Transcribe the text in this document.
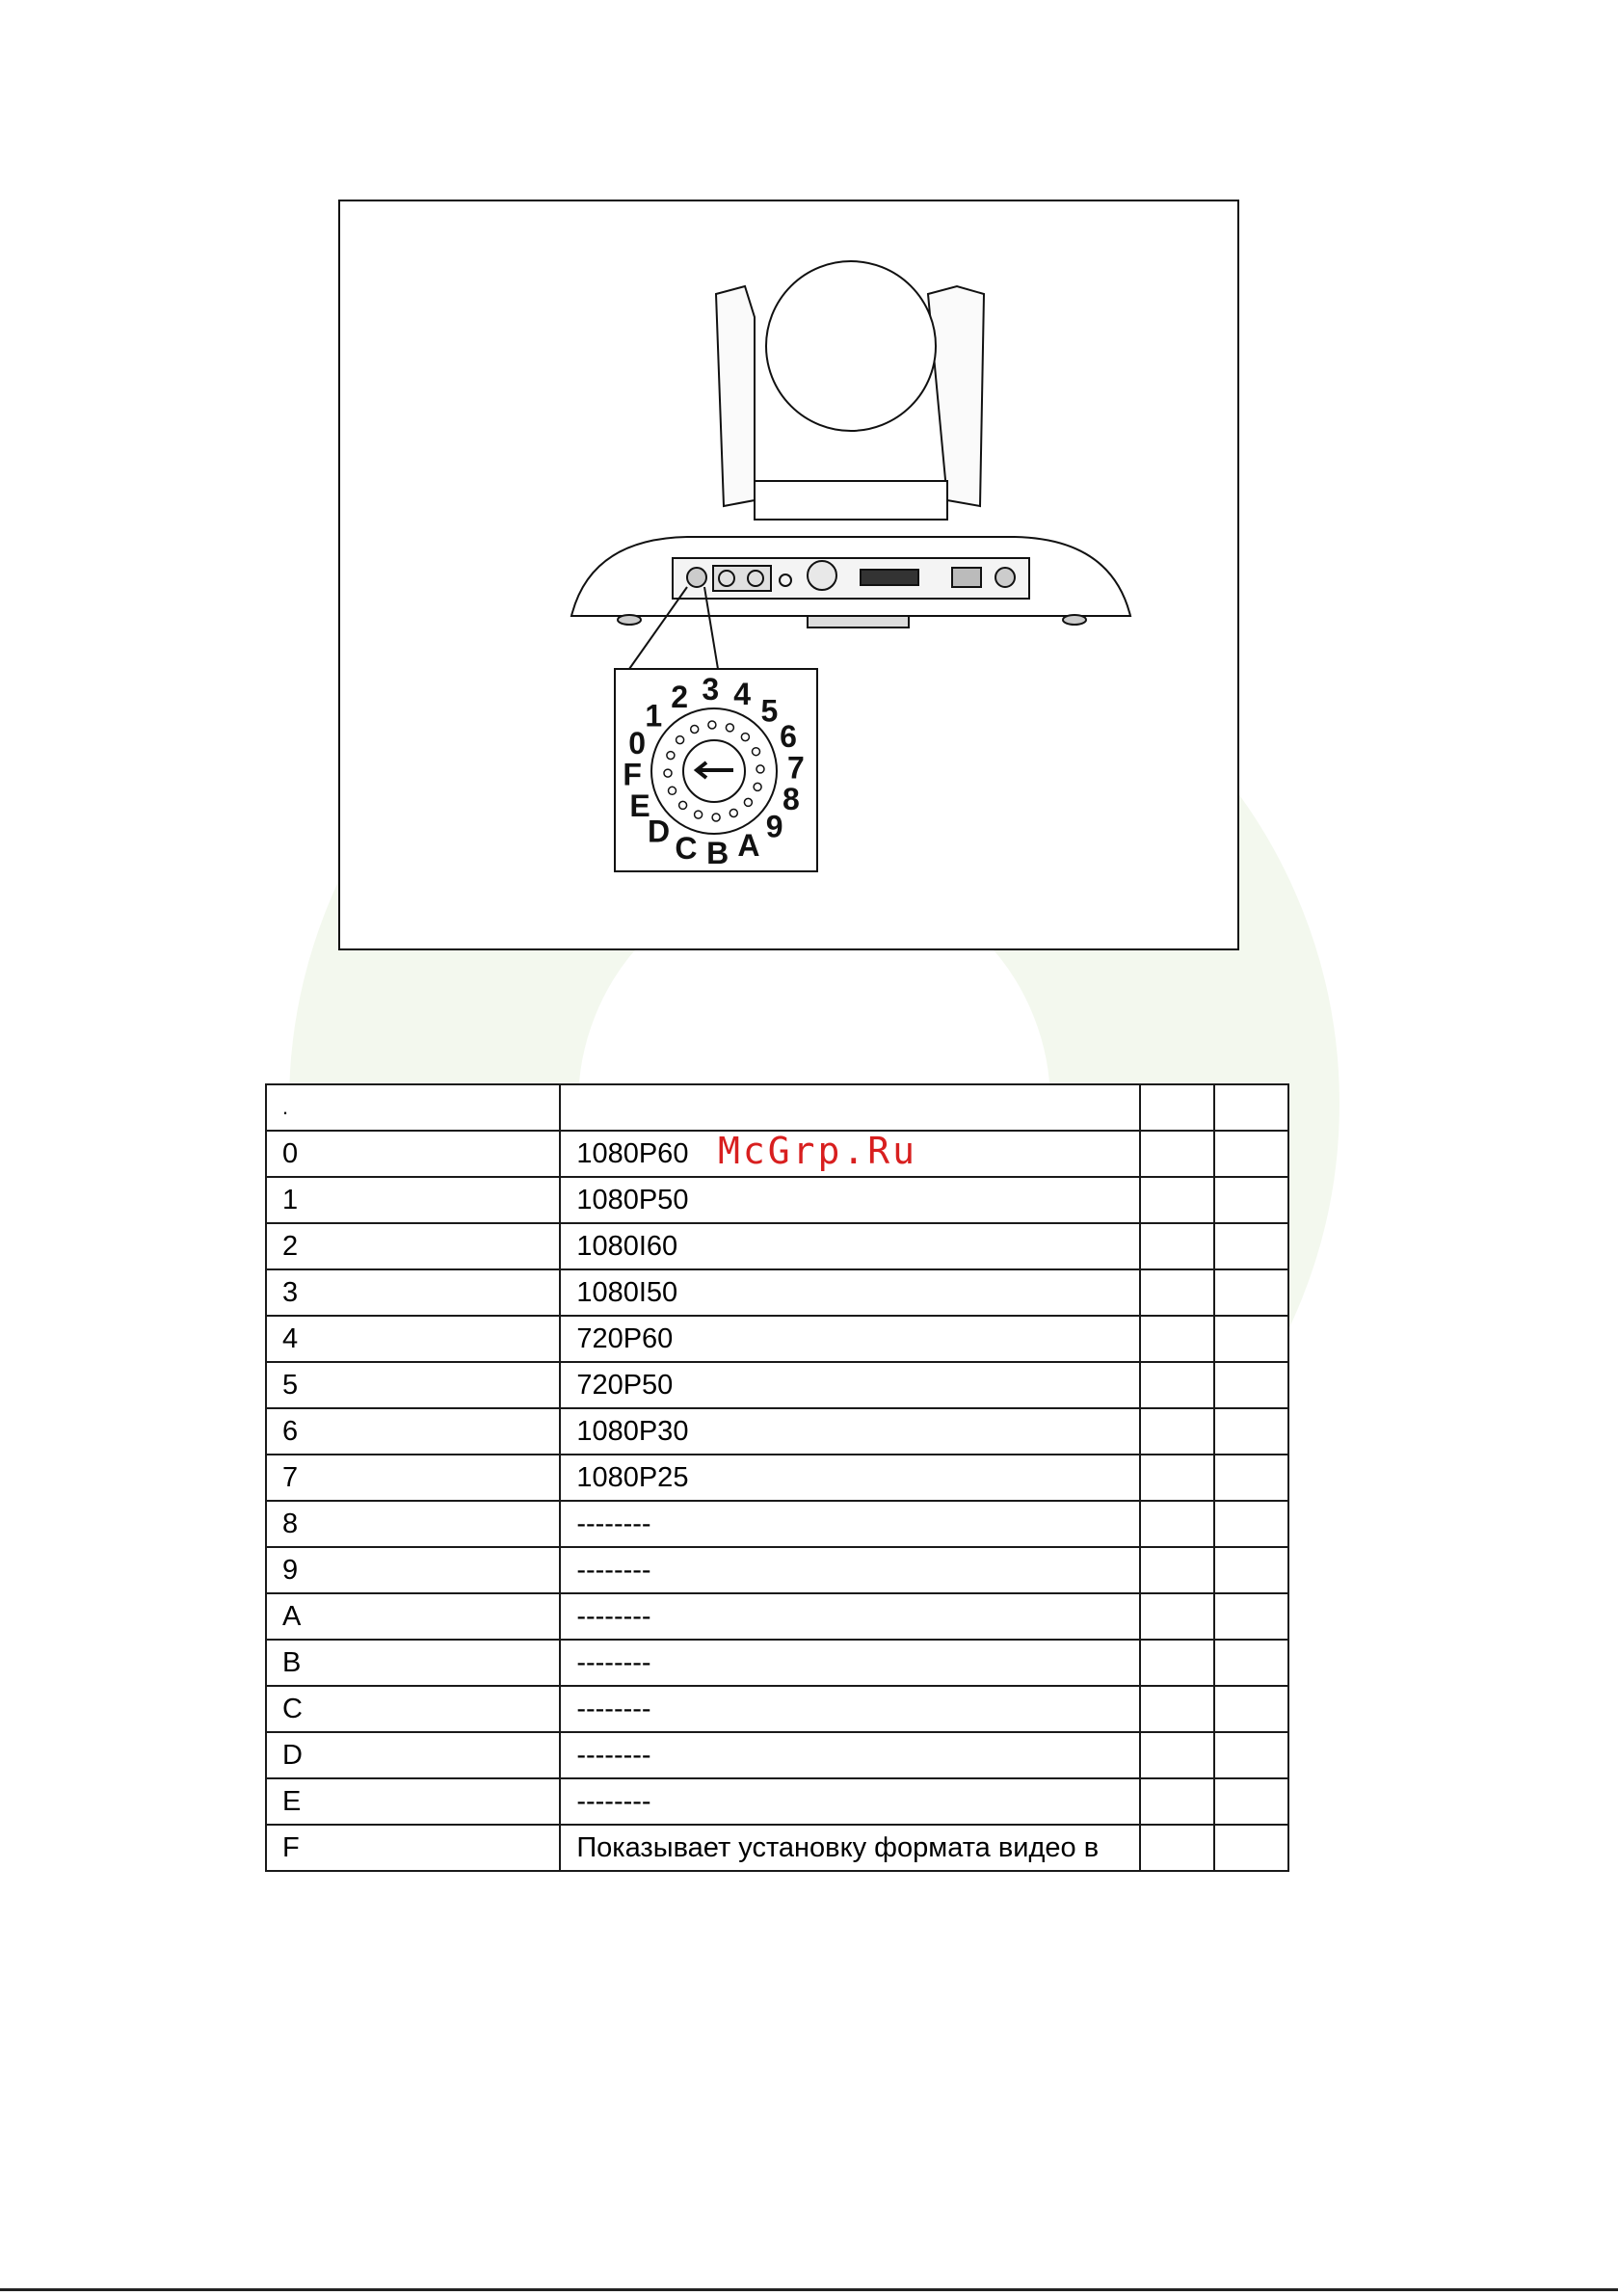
0
1
2 3 4 5
6
7
8
9
A
B
C
D
E
F
McGrp.Ru
.			
0	1080P60		
1	1080P50		
2	1080I60		
3	1080I50		
4	720P60		
5	720P50		
6	1080P30		
7	1080P25		
8	--------		
9	--------		
A	--------		
B	--------		
C	--------		
D	--------		
E	--------		
F	Показывает установку формата видео в		
